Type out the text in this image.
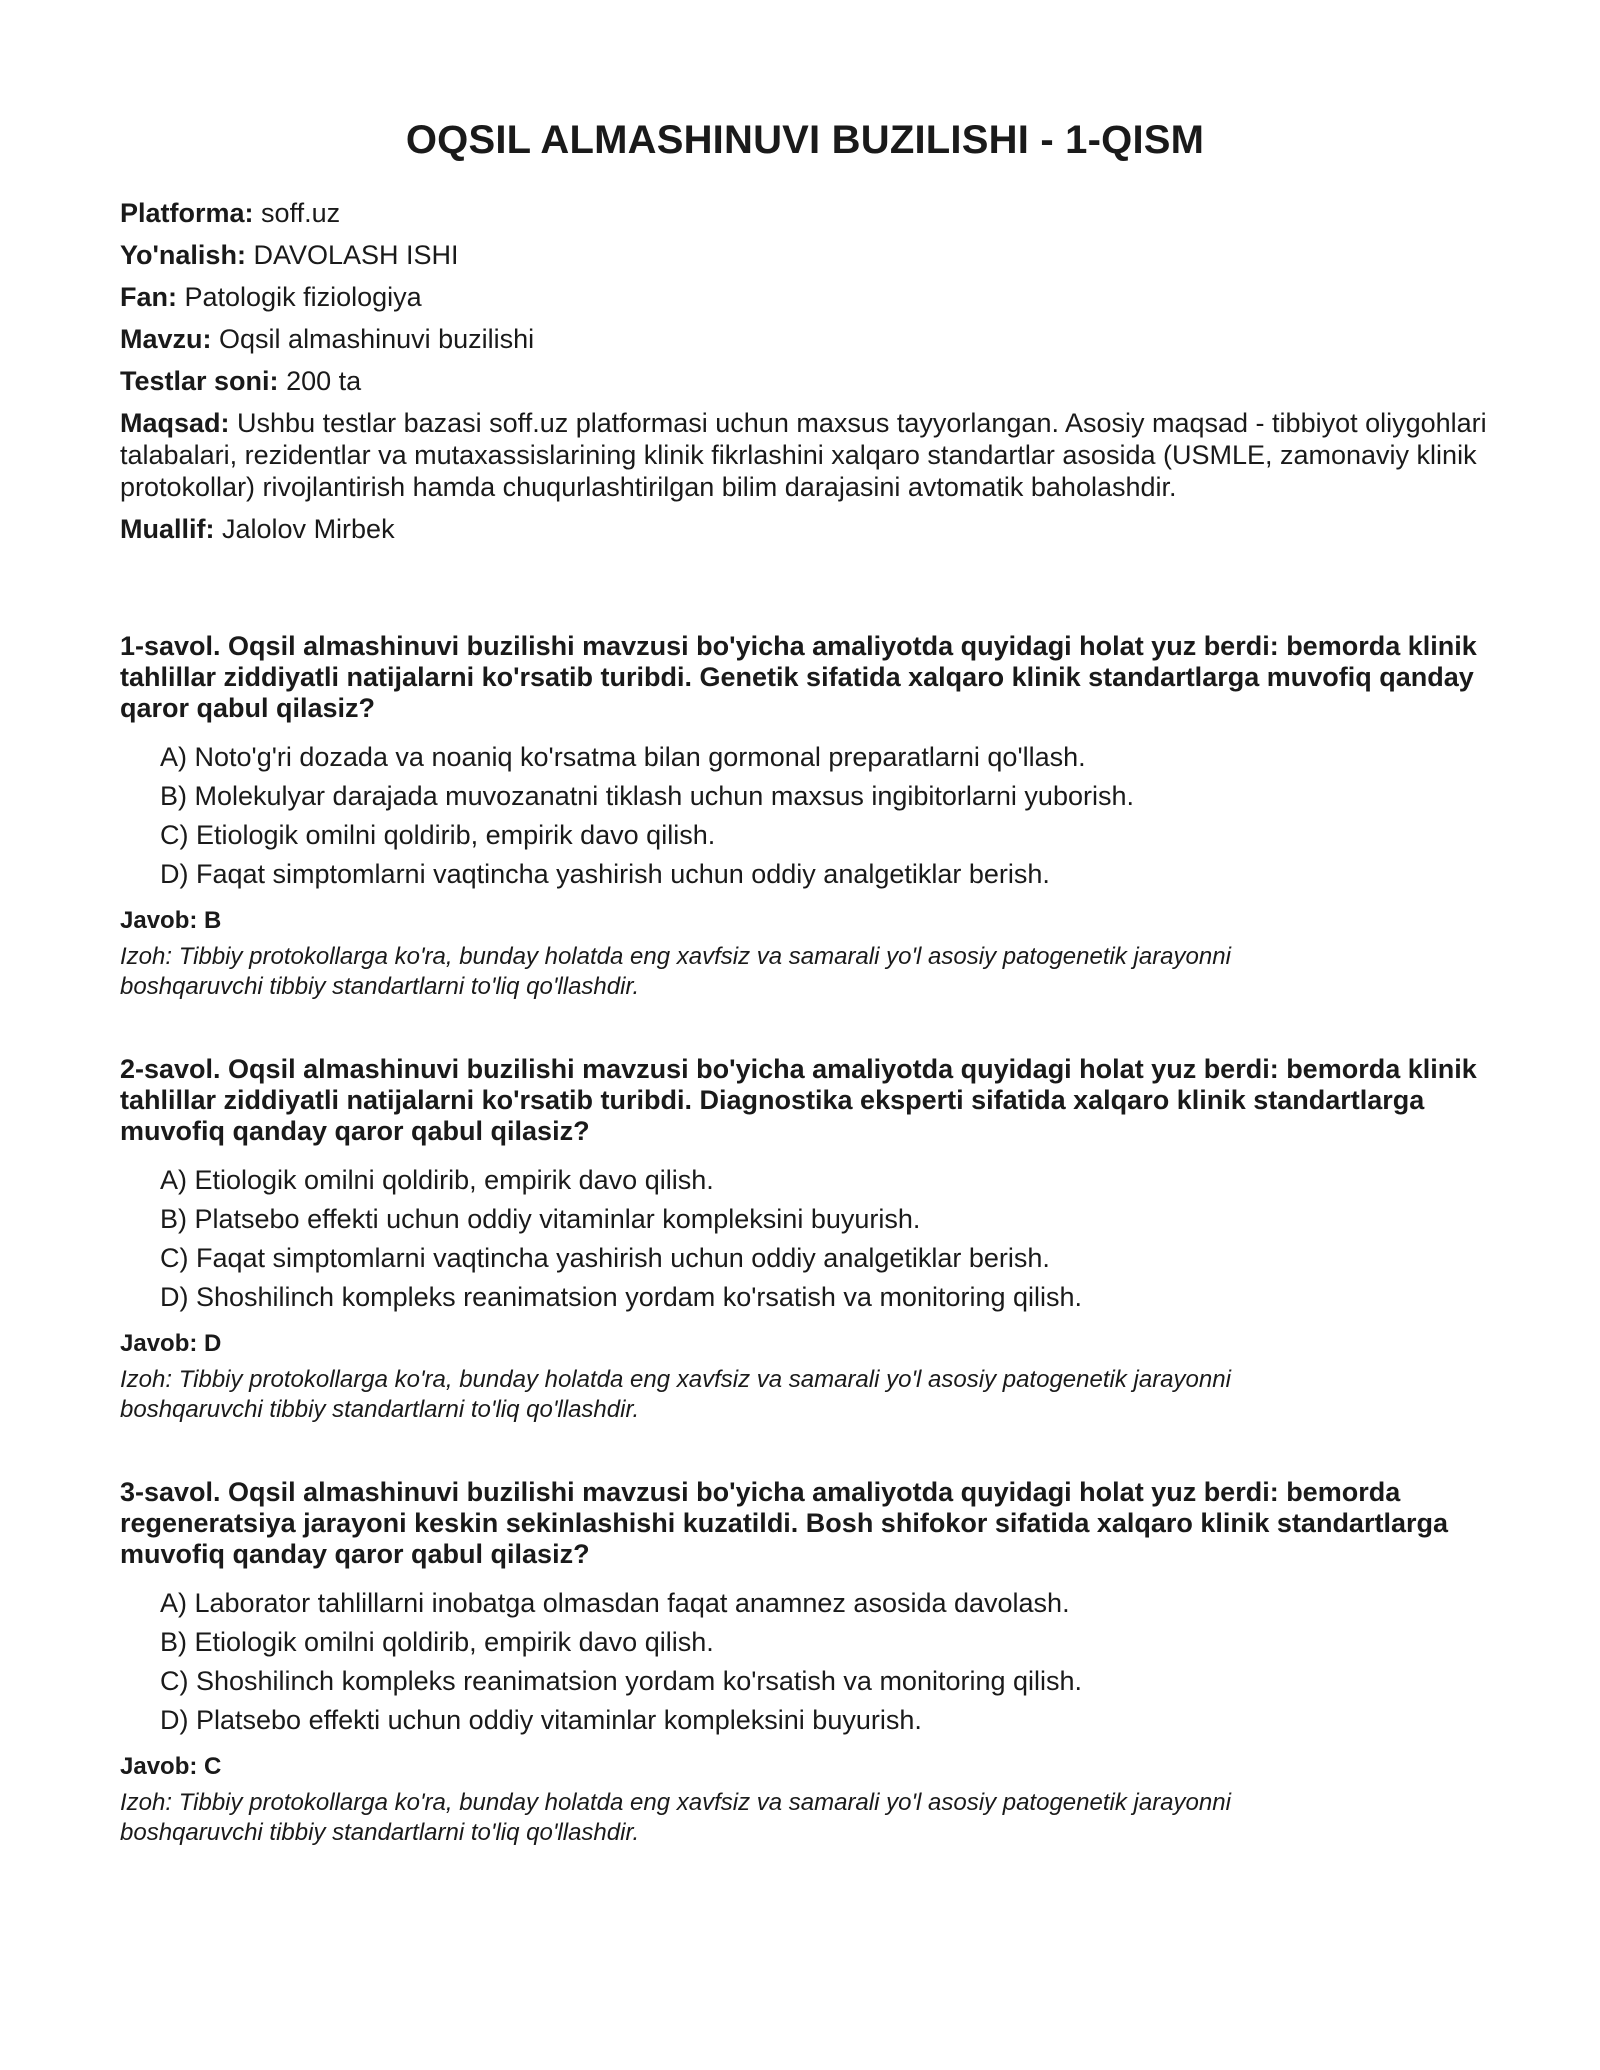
OQSIL ALMASHINUVI BUZILISHI - 1-QISM

Platforma: soff.uz

Yo'nalish: DAVOLASH ISHI

Fan: Patologik fiziologiya

Mavzu: Oqsil almashinuvi buzilishi

Testlar soni: 200 ta

Maqsad: Ushbu testlar bazasi soff.uz platformasi uchun maxsus tayyorlangan. Asosiy maqsad - tibbiyot oliygohlari talabalari, rezidentlar va mutaxassislarining klinik fikrlashini xalqaro standartlar asosida (USMLE, zamonaviy klinik protokollar) rivojlantirish hamda chuqurlashtirilgan bilim darajasini avtomatik baholashdir.

Muallif: Jalolov Mirbek

1-savol. Oqsil almashinuvi buzilishi mavzusi bo'yicha amaliyotda quyidagi holat yuz berdi: bemorda klinik tahlillar ziddiyatli natijalarni ko'rsatib turibdi. Genetik sifatida xalqaro klinik standartlarga muvofiq qanday qaror qabul qilasiz?

A) Noto'g'ri dozada va noaniq ko'rsatma bilan gormonal preparatlarni qo'llash.

B) Molekulyar darajada muvozanatni tiklash uchun maxsus ingibitorlarni yuborish.

C) Etiologik omilni qoldirib, empirik davo qilish.

D) Faqat simptomlarni vaqtincha yashirish uchun oddiy analgetiklar berish.

Javob: B

Izoh: Tibbiy protokollarga ko'ra, bunday holatda eng xavfsiz va samarali yo'l asosiy patogenetik jarayonni boshqaruvchi tibbiy standartlarni to'liq qo'llashdir.

2-savol. Oqsil almashinuvi buzilishi mavzusi bo'yicha amaliyotda quyidagi holat yuz berdi: bemorda klinik tahlillar ziddiyatli natijalarni ko'rsatib turibdi. Diagnostika eksperti sifatida xalqaro klinik standartlarga muvofiq qanday qaror qabul qilasiz?

A) Etiologik omilni qoldirib, empirik davo qilish.

B) Platsebo effekti uchun oddiy vitaminlar kompleksini buyurish.

C) Faqat simptomlarni vaqtincha yashirish uchun oddiy analgetiklar berish.

D) Shoshilinch kompleks reanimatsion yordam ko'rsatish va monitoring qilish.

Javob: D

Izoh: Tibbiy protokollarga ko'ra, bunday holatda eng xavfsiz va samarali yo'l asosiy patogenetik jarayonni boshqaruvchi tibbiy standartlarni to'liq qo'llashdir.

3-savol. Oqsil almashinuvi buzilishi mavzusi bo'yicha amaliyotda quyidagi holat yuz berdi: bemorda regeneratsiya jarayoni keskin sekinlashishi kuzatildi. Bosh shifokor sifatida xalqaro klinik standartlarga muvofiq qanday qaror qabul qilasiz?

A) Laborator tahlillarni inobatga olmasdan faqat anamnez asosida davolash.

B) Etiologik omilni qoldirib, empirik davo qilish.

C) Shoshilinch kompleks reanimatsion yordam ko'rsatish va monitoring qilish.

D) Platsebo effekti uchun oddiy vitaminlar kompleksini buyurish.

Javob: C

Izoh: Tibbiy protokollarga ko'ra, bunday holatda eng xavfsiz va samarali yo'l asosiy patogenetik jarayonni boshqaruvchi tibbiy standartlarni to'liq qo'llashdir.
